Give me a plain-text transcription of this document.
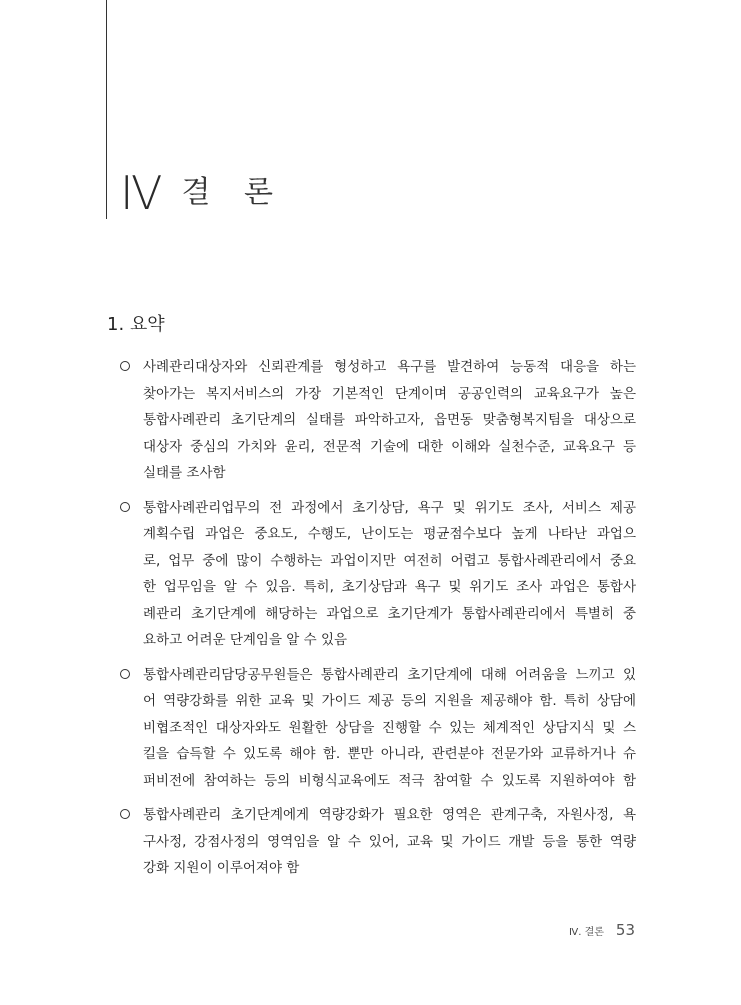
Ⅳ 결 론
1. 요약
사례관리대상자와 신뢰관계를 형성하고 욕구를 발견하여 능동적 대응을 하는
찾아가는 복지서비스의 가장 기본적인 단계이며 공공인력의 교육요구가 높은
통합사례관리 초기단계의 실태를 파악하고자, 읍면동 맞춤형복지팀을 대상으로
대상자 중심의 가치와 윤리, 전문적 기술에 대한 이해와 실천수준, 교육요구 등
실태를 조사함
통합사례관리업무의 전 과정에서 초기상담, 욕구 및 위기도 조사, 서비스 제공
계획수립 과업은 중요도, 수행도, 난이도는 평균점수보다 높게 나타난 과업으
로, 업무 중에 많이 수행하는 과업이지만 여전히 어렵고 통합사례관리에서 중요
한 업무임을 알 수 있음. 특히, 초기상담과 욕구 및 위기도 조사 과업은 통합사
례관리 초기단계에 해당하는 과업으로 초기단계가 통합사례관리에서 특별히 중
요하고 어려운 단계임을 알 수 있음
통합사례관리담당공무원들은 통합사례관리 초기단계에 대해 어려움을 느끼고 있
어 역량강화를 위한 교육 및 가이드 제공 등의 지원을 제공해야 함. 특히 상담에
비협조적인 대상자와도 원활한 상담을 진행할 수 있는 체계적인 상담지식 및 스
킬을 습득할 수 있도록 해야 함. 뿐만 아니라, 관련분야 전문가와 교류하거나 슈
퍼비전에 참여하는 등의 비형식교육에도 적극 참여할 수 있도록 지원하여야 함
통합사례관리 초기단계에게 역량강화가 필요한 영역은 관계구축, 자원사정, 욕
구사정, 강점사정의 영역임을 알 수 있어, 교육 및 가이드 개발 등을 통한 역량
강화 지원이 이루어져야 함
Ⅳ. 결론 53
